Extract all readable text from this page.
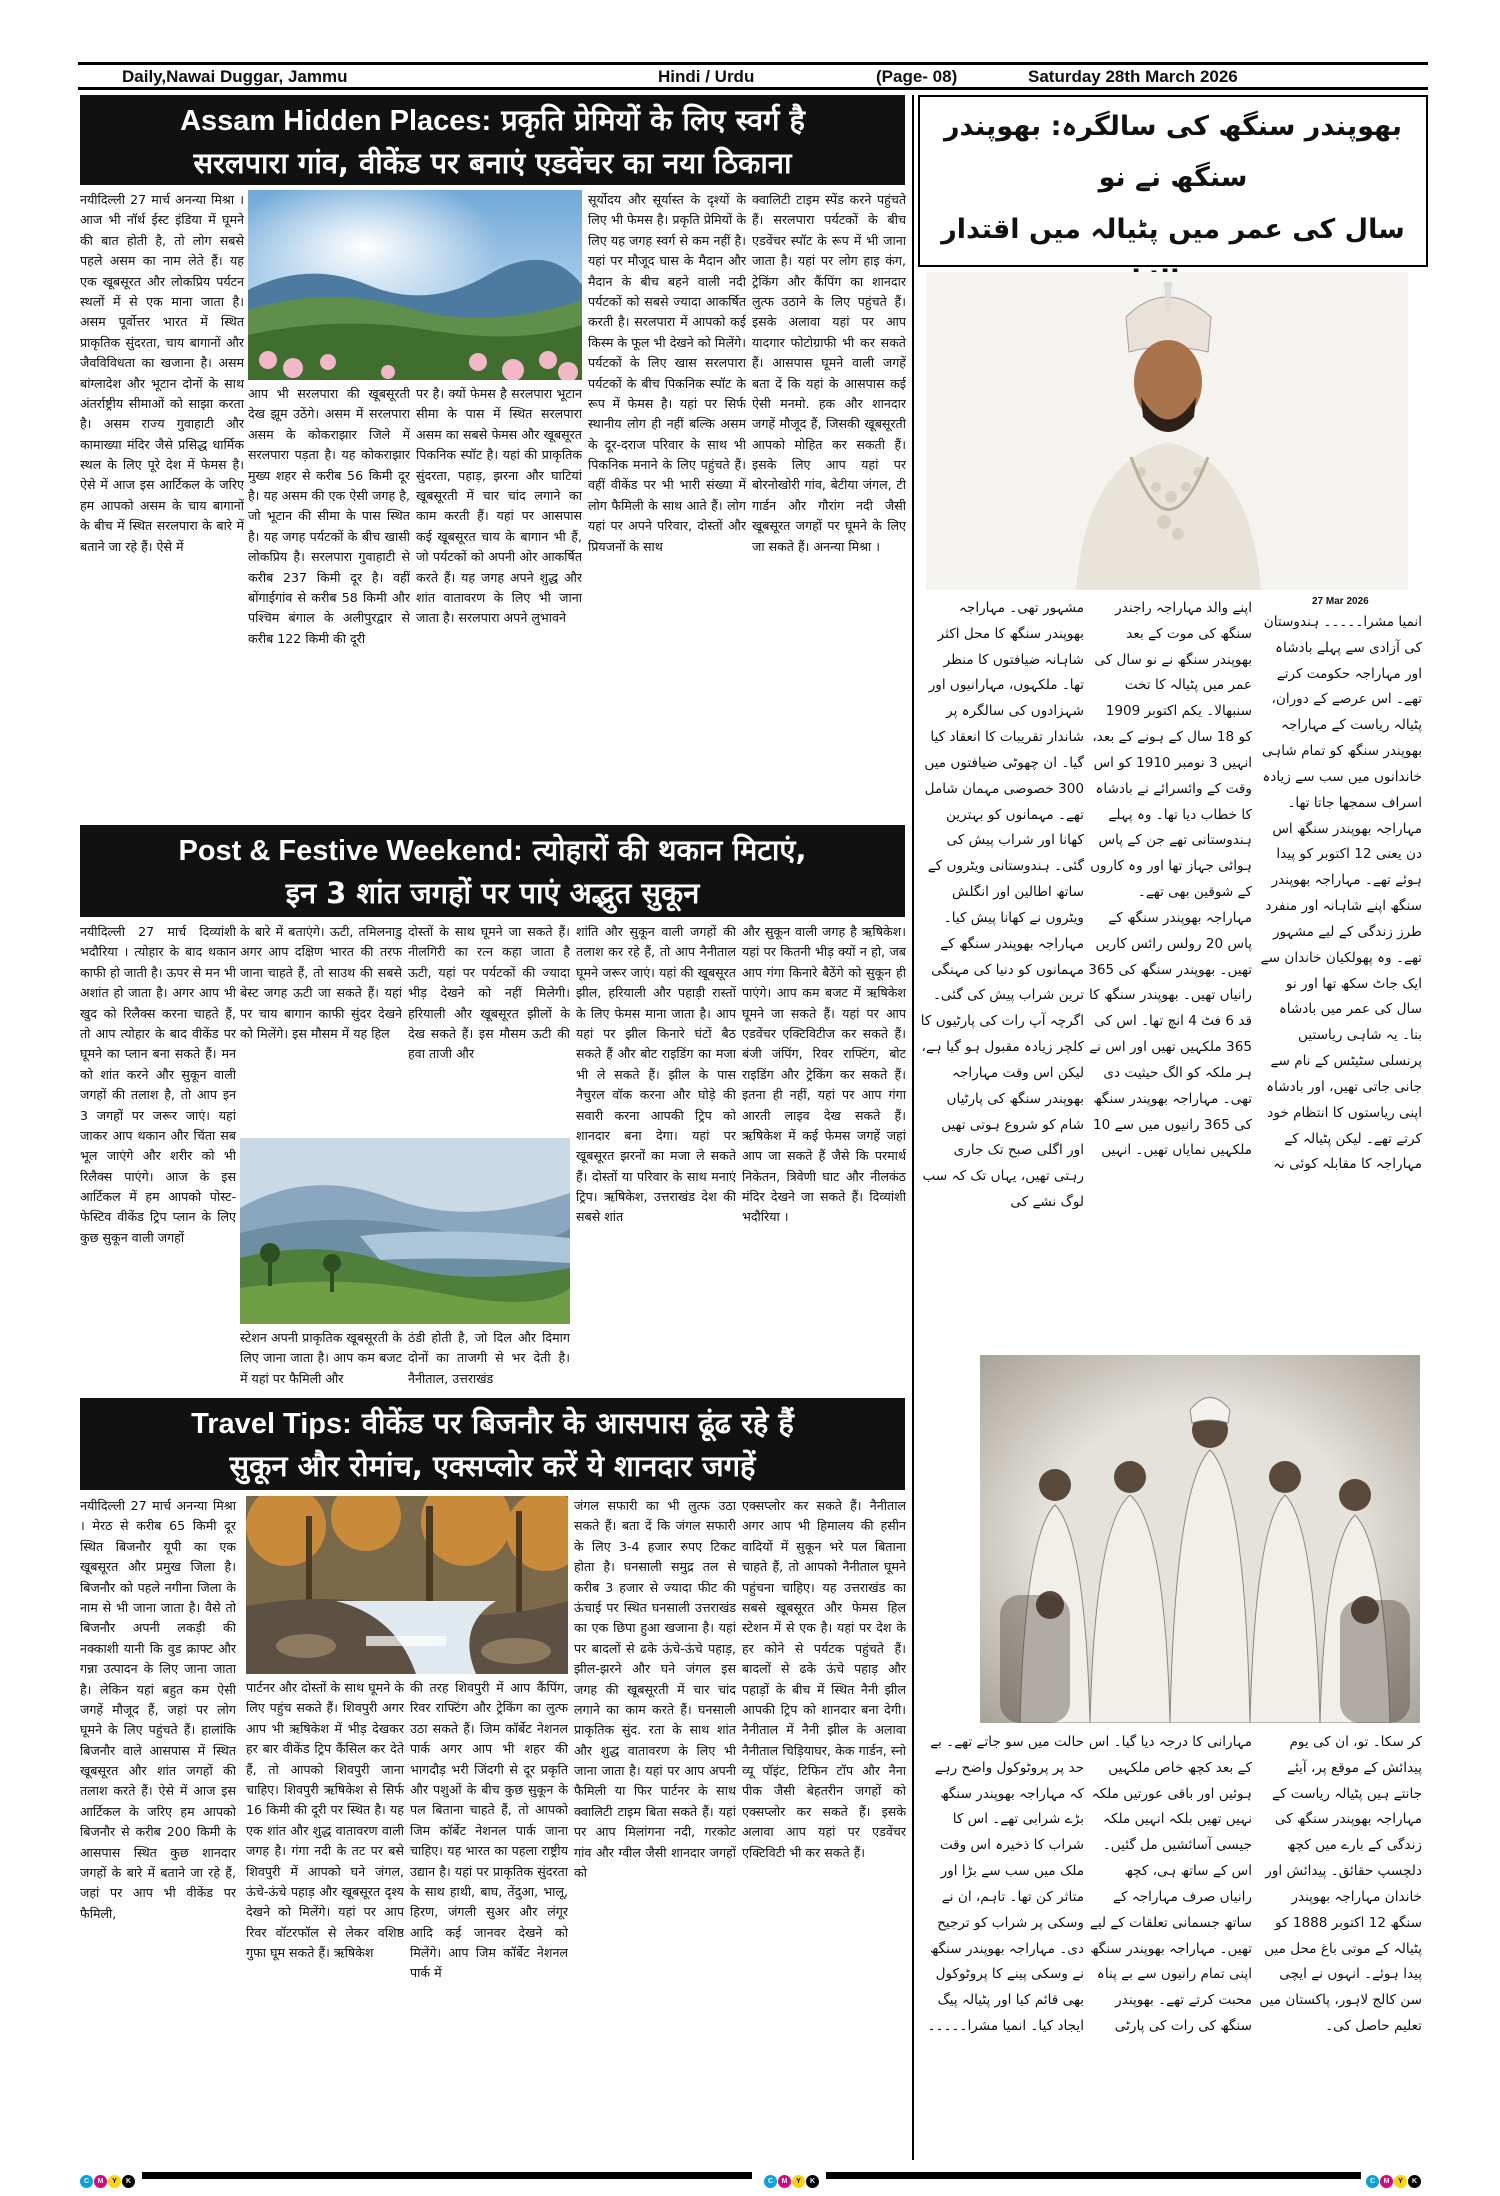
Daily,Nawai Duggar, Jammu	Hindi / Urdu	(Page- 08)	Saturday 28th March 2026
Assam Hidden Places: प्रकृति प्रेमियों के लिए स्वर्ग है
सरलपारा गांव, वीकेंड पर बनाएं एडवेंचर का नया ठिकाना
नयीदिल्ली 27 मार्च अनन्या मिश्रा । आज भी नॉर्थ ईस्ट इंडिया में घूमने की बात होती है, तो लोग सबसे पहले असम का नाम लेते हैं। यह एक खूबसूरत और लोकप्रिय पर्यटन स्थलों में से एक माना जाता है। असम पूर्वोत्तर भारत में स्थित प्राकृतिक सुंदरता, चाय बागानों और जैवविविधता का खजाना है। असम बांग्लादेश और भूटान दोनों के साथ अंतर्राष्ट्रीय सीमाओं को साझा करता है। असम राज्य गुवाहाटी और कामाख्या मंदिर जैसे प्रसिद्ध धार्मिक स्थल के लिए पूरे देश में फेमस है। ऐसे में आज इस आर्टिकल के जरिए हम आपको असम के चाय बागानों के बीच में स्थित सरलपारा के बारे में बताने जा रहे हैं। ऐसे में
आप भी सरलपारा की खूबसूरती देख झूम उठेंगे। असम में सरलपारा असम के कोकराझार जिले में सरलपारा पड़ता है। यह कोकराझार मुख्य शहर से करीब 56 किमी दूर है। यह असम की एक ऐसी जगह है, जो भूटान की सीमा के पास स्थित है। यह जगह पर्यटकों के बीच खासी लोकप्रिय है। सरलपारा गुवाहाटी से करीब 237 किमी दूर है। वहीं बोंगाईगांव से करीब 58 किमी और पश्चिम बंगाल के अलीपुरद्वार से करीब 122 किमी की दूरी
पर है। क्यों फेमस है सरलपारा भूटान सीमा के पास में स्थित सरलपारा असम का सबसे फेमस और खूबसूरत पिकनिक स्पॉट है। यहां की प्राकृतिक सुंदरता, पहाड़, झरना और घाटियां खूबसूरती में चार चांद लगाने का काम करती हैं। यहां पर आसपास कई खूबसूरत चाय के बागान भी हैं, जो पर्यटकों को अपनी ओर आकर्षित करते हैं। यह जगह अपने शुद्ध और शांत वातावरण के लिए भी जाना जाता है। सरलपारा अपने लुभावने
सूर्योदय और सूर्यास्त के दृश्यों के लिए भी फेमस है। प्रकृति प्रेमियों के लिए यह जगह स्वर्ग से कम नहीं है। यहां पर मौजूद घास के मैदान और मैदान के बीच बहने वाली नदी पर्यटकों को सबसे ज्यादा आकर्षित करती है। सरलपारा में आपको कई किस्म के फूल भी देखने को मिलेंगे। पर्यटकों के लिए खास सरलपारा पर्यटकों के बीच पिकनिक स्पॉट के रूप में फेमस है। यहां पर सिर्फ स्थानीय लोग ही नहीं बल्कि असम के दूर-दराज परिवार के साथ भी पिकनिक मनाने के लिए पहुंचते हैं। वहीं वीकेंड पर भी भारी संख्या में लोग फैमिली के साथ आते हैं। लोग यहां पर अपने परिवार, दोस्तों और प्रियजनों के साथ
क्वालिटी टाइम स्पेंड करने पहुंचते हैं। सरलपारा पर्यटकों के बीच एडवेंचर स्पॉट के रूप में भी जाना जाता है। यहां पर लोग हाइ कंग, ट्रेकिंग और कैंपिंग का शानदार लुत्फ उठाने के लिए पहुंचते हैं। इसके अलावा यहां पर आप यादगार फोटोग्राफी भी कर सकते हैं। आसपास घूमने वाली जगहें बता दें कि यहां के आसपास कई ऐसी मनमो. हक और शानदार जगहें मौजूद हैं, जिसकी खूबसूरती आपको मोहित कर सकती हैं। इसके लिए आप यहां पर बोरनोखोरी गांव, बेटीया जंगल, टी गार्डन और गौरांग नदी जैसी खूबसूरत जगहों पर घूमने के लिए जा सकते हैं। अनन्या मिश्रा ।
Post & Festive Weekend: त्योहारों की थकान मिटाएं,
इन 3 शांत जगहों पर पाएं अद्भुत सुकून
नयीदिल्ली 27 मार्च दिव्यांशी भदौरिया । त्योहार के बाद थकान काफी हो जाती है। ऊपर से मन भी अशांत हो जाता है। अगर आप भी खुद को रिलैक्स करना चाहते हैं, तो आप त्योहार के बाद वीकेंड पर घूमने का प्लान बना सकते हैं। मन को शांत करने और सुकून वाली जगहों की तलाश है, तो आप इन 3 जगहों पर जरूर जाएं। यहां जाकर आप थकान और चिंता सब भूल जाएंगे और शरीर को भी रिलैक्स पाएंगे। आज के इस आर्टिकल में हम आपको पोस्ट-फेस्टिव वीकेंड ट्रिप प्लान के लिए कुछ सुकून वाली जगहों
के बारे में बताएंगे। ऊटी, तमिलनाडु अगर आप दक्षिण भारत की तरफ जाना चाहते हैं, तो साउथ की सबसे बेस्ट जगह ऊटी जा सकते हैं। यहां पर चाय बागान काफी सुंदर देखने को मिलेंगे। इस मौसम में यह हिल
दोस्तों के साथ घूमने जा सकते हैं। नीलगिरी का रत्न कहा जाता है ऊटी, यहां पर पर्यटकों की ज्यादा भीड़ देखने को नहीं मिलेगी। हरियाली और खूबसूरत झीलों के देख सकते हैं। इस मौसम ऊटी की हवा ताजी और
स्टेशन अपनी प्राकृतिक खूबसूरती के लिए जाना जाता है। आप कम बजट में यहां पर फैमिली और
ठंडी होती है, जो दिल और दिमाग दोनों का ताजगी से भर देती है। नैनीताल, उत्तराखंड
शांति और सुकून वाली जगहों की तलाश कर रहे हैं, तो आप नैनीताल घूमने जरूर जाएं। यहां की खूबसूरत झील, हरियाली और पहाड़ी रास्तों के लिए फेमस माना जाता है। आप यहां पर झील किनारे घंटों बैठ सकते हैं और बोट राइडिंग का मजा भी ले सकते हैं। झील के पास नैचुरल वॉक करना और घोड़े की सवारी करना आपकी ट्रिप को शानदार बना देगा। यहां पर खूबसूरत झरनों का मजा ले सकते हैं। दोस्तों या परिवार के साथ मनाएं ट्रिप। ऋषिकेश, उत्तराखंड देश की सबसे शांत
और सुकून वाली जगह है ऋषिकेश। यहां पर कितनी भीड़ क्यों न हो, जब आप गंगा किनारे बैठेंगे को सुकून ही पाएंगे। आप कम बजट में ऋषिकेश घूमने जा सकते हैं। यहां पर आप एडवेंचर एक्टिविटीज कर सकते हैं। बंजी जंपिंग, रिवर राफ्टिंग, बोट राइडिंग और ट्रेकिंग कर सकते हैं। इतना ही नहीं, यहां पर आप गंगा आरती लाइव देख सकते हैं। ऋषिकेश में कई फेमस जगहें जहां आप जा सकते हैं जैसे कि परमार्थ निकेतन, त्रिवेणी घाट और नीलकंठ मंदिर देखने जा सकते हैं। दिव्यांशी भदौरिया ।
Travel Tips: वीकेंड पर बिजनौर के आसपास ढूंढ रहे हैं
सुकून और रोमांच, एक्सप्लोर करें ये शानदार जगहें
नयीदिल्ली 27 मार्च अनन्या मिश्रा । मेरठ से करीब 65 किमी दूर स्थित बिजनौर यूपी का एक खूबसूरत और प्रमुख जिला है। बिजनौर को पहले नगीना जिला के नाम से भी जाना जाता है। वैसे तो बिजनौर अपनी लकड़ी की नक्काशी यानी कि वुड क्राफ्ट और गन्ना उत्पादन के लिए जाना जाता है। लेकिन यहां बहुत कम ऐसी जगहें मौजूद हैं, जहां पर लोग घूमने के लिए पहुंचते हैं। हालांकि बिजनौर वाले आसपास में स्थित खूबसूरत और शांत जगहों की तलाश करते हैं। ऐसे में आज इस आर्टिकल के जरिए हम आपको बिजनौर से करीब 200 किमी के आसपास स्थित कुछ शानदार जगहों के बारे में बताने जा रहे हैं, जहां पर आप भी वीकेंड पर फैमिली,
पार्टनर और दोस्तों के साथ घूमने के लिए पहुंच सकते हैं। शिवपुरी अगर आप भी ऋषिकेश में भीड़ देखकर हर बार वीकेंड ट्रिप कैंसिल कर देते हैं, तो आपको शिवपुरी जाना चाहिए। शिवपुरी ऋषिकेश से सिर्फ 16 किमी की दूरी पर स्थित है। यह एक शांत और शुद्ध वातावरण वाली जगह है। गंगा नदी के तट पर बसे शिवपुरी में आपको घने जंगल, ऊंचे-ऊंचे पहाड़ और खूबसूरत दृश्य देखने को मिलेंगे। यहां पर आप रिवर वॉटरफॉल से लेकर वशिष्ठ गुफा घूम सकते हैं। ऋषिकेश
की तरह शिवपुरी में आप कैंपिंग, रिवर राफ्टिंग और ट्रेकिंग का लुत्फ उठा सकते हैं। जिम कॉर्बेट नेशनल पार्क अगर आप भी शहर की भागदौड़ भरी जिंदगी से दूर प्रकृति और पशुओं के बीच कुछ सुकून के पल बिताना चाहते हैं, तो आपको जिम कॉर्बेट नेशनल पार्क जाना चाहिए। यह भारत का पहला राष्ट्रीय उद्यान है। यहां पर प्राकृतिक सुंदरता के साथ हाथी, बाघ, तेंदुआ, भालू, हिरण, जंगली सुअर और लंगूर आदि कई जानवर देखने को मिलेंगे। आप जिम कॉर्बेट नेशनल पार्क में
जंगल सफारी का भी लुत्फ उठा सकते हैं। बता दें कि जंगल सफारी के लिए 3-4 हजार रुपए टिकट होता है। घनसाली समुद्र तल से करीब 3 हजार से ज्यादा फीट की ऊंचाई पर स्थित घनसाली उत्तराखंड का एक छिपा हुआ खजाना है। यहां पर बादलों से ढके ऊंचे-ऊंचे पहाड़, झील-झरने और घने जंगल इस जगह की खूबसूरती में चार चांद लगाने का काम करते हैं। घनसाली प्राकृतिक सुंद. रता के साथ शांत और शुद्ध वातावरण के लिए भी जाना जाता है। यहां पर आप अपनी फैमिली या फिर पार्टनर के साथ क्वालिटी टाइम बिता सकते हैं। यहां पर आप मिलांगना नदी, गरकोट गांव और ग्वील जैसी शानदार जगहों को
एक्सप्लोर कर सकते हैं। नैनीताल अगर आप भी हिमालय की हसीन वादियों में सुकून भरे पल बिताना चाहते हैं, तो आपको नैनीताल घूमने पहुंचना चाहिए। यह उत्तराखंड का सबसे खूबसूरत और फेमस हिल स्टेशन में से एक है। यहां पर देश के हर कोने से पर्यटक पहुंचते हैं। बादलों से ढके ऊंचे पहाड़ और पहाड़ों के बीच में स्थित नैनी झील आपकी ट्रिप को शानदार बना देगी। नैनीताल में नैनी झील के अलावा नैनीताल चिड़ियाघर, केक गार्डन, स्नो व्यू पॉइंट, टिफिन टॉप और नैना पीक जैसी बेहतरीन जगहों को एक्सप्लोर कर सकते हैं। इसके अलावा आप यहां पर एडवेंचर एक्टिविटी भी कर सकते हैं।
بھوپندر سنگھ کی سالگرہ: بھوپندر سنگھ نے نو
سال کی عمر میں پٹیالہ میں اقتدار
27 Mar 2026
انمیا مشرا۔۔۔۔۔ ہندوستان کی آزادی سے پہلے بادشاہ اور مہاراجہ حکومت کرتے تھے۔ اس عرصے کے دوران، پٹیالہ ریاست کے مہاراجہ بھوپندر سنگھ کو تمام شاہی خاندانوں میں سب سے زیادہ اسراف سمجھا جاتا تھا۔ مہاراجہ بھوپندر سنگھ اس دن یعنی 12 اکتوبر کو پیدا ہوئے تھے۔ مہاراجہ بھوپندر سنگھ اپنے شاہانہ اور منفرد طرز زندگی کے لیے مشہور تھے۔ وہ پھولکیان خاندان سے ایک جاٹ سکھ تھا اور نو سال کی عمر میں بادشاہ بنا۔ یہ شاہی ریاستیں پرنسلی سٹیٹس کے نام سے جانی جاتی تھیں، اور بادشاہ اپنی ریاستوں کا انتظام خود کرتے تھے۔ لیکن پٹیالہ کے مہاراجہ کا مقابلہ کوئی نہ
اپنے والد مہاراجہ راجندر سنگھ کی موت کے بعد بھوپندر سنگھ نے نو سال کی عمر میں پٹیالہ کا تخت سنبھالا۔ یکم اکتوبر 1909 کو 18 سال کے ہونے کے بعد، انہیں 3 نومبر 1910 کو اس وقت کے وائسرائے نے بادشاہ کا خطاب دیا تھا۔ وہ پہلے ہندوستانی تھے جن کے پاس ہوائی جہاز تھا اور وہ کاروں کے شوقین بھی تھے۔ مہاراجہ بھوپندر سنگھ کے پاس 20 رولس رائس کاریں تھیں۔ بھوپندر سنگھ کی 365 رانیاں تھیں۔ بھوپندر سنگھ کا قد 6 فٹ 4 انچ تھا۔ اس کی 365 ملکہیں تھیں اور اس نے ہر ملکہ کو الگ حیثیت دی تھی۔ مہاراجہ بھوپندر سنگھ کی 365 رانیوں میں سے 10 ملکہیں نمایاں تھیں۔ انہیں
مشہور تھی۔ مہاراجہ بھوپندر سنگھ کا محل اکثر شاہانہ ضیافتوں کا منظر تھا۔ ملکہوں، مہارانیوں اور شہزادوں کی سالگرہ پر شاندار تقریبات کا انعقاد کیا گیا۔ ان چھوٹی ضیافتوں میں 300 خصوصی مہمان شامل تھے۔ مہمانوں کو بہترین کھانا اور شراب پیش کی گئی۔ ہندوستانی ویٹروں کے ساتھ اطالین اور انگلش ویٹروں نے کھانا پیش کیا۔ مہاراجہ بھوپندر سنگھ کے مہمانوں کو دنیا کی مہنگی ترین شراب پیش کی گئی۔ اگرچہ آپ رات کی پارٹیوں کا کلچر زیادہ مقبول ہو گیا ہے، لیکن اس وقت مہاراجہ بھوپندر سنگھ کی پارٹیاں شام کو شروع ہوتی تھیں اور اگلی صبح تک جاری رہتی تھیں، یہاں تک کہ سب لوگ نشے کی
کر سکا۔ تو، ان کی یوم پیدائش کے موقع پر، آیئے جانتے ہیں پٹیالہ ریاست کے مہاراجہ بھوپندر سنگھ کی زندگی کے بارے میں کچھ دلچسپ حقائق۔ پیدائش اور خاندان مہاراجہ بھوپندر سنگھ 12 اکتوبر 1888 کو پٹیالہ کے موتی باغ محل میں پیدا ہوئے۔ انہوں نے ایچی سن کالج لاہور، پاکستان میں تعلیم حاصل کی۔
مہارانی کا درجہ دیا گیا۔ اس کے بعد کچھ خاص ملکہیں ہوئیں اور باقی عورتیں ملکہ نہیں تھیں بلکہ انہیں ملکہ جیسی آسائشیں مل گئیں۔ اس کے ساتھ ہی، کچھ رانیاں صرف مہاراجہ کے ساتھ جسمانی تعلقات کے لیے تھیں۔ مہاراجہ بھوپندر سنگھ اپنی تمام رانیوں سے بے پناہ محبت کرتے تھے۔ بھوپندر سنگھ کی رات کی پارٹی
حالت میں سو جاتے تھے۔ بے حد پر پروٹوکول واضح رہے کہ مہاراجہ بھوپندر سنگھ بڑے شرابی تھے۔ اس کا شراب کا ذخیرہ اس وقت ملک میں سب سے بڑا اور متاثر کن تھا۔ تاہم، ان نے وسکی پر شراب کو ترجیح دی۔ مہاراجہ بھوپندر سنگھ نے وسکی پینے کا پروٹوکول بھی قائم کیا اور پٹیالہ پیگ ایجاد کیا۔ انمیا مشرا۔۔۔۔۔
C M Y K	C M Y K	C M Y K
